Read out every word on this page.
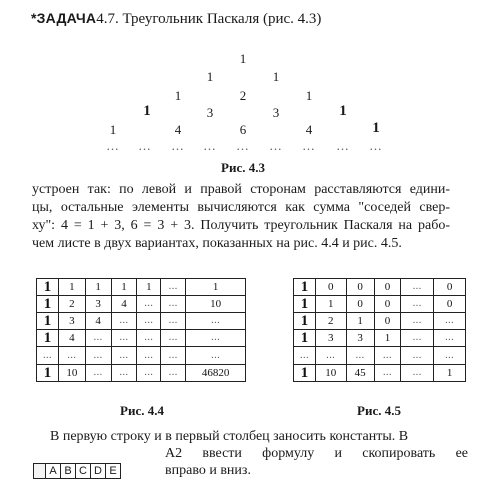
*ЗАДАЧА4.7. Треугольник Паскаля (рис. 4.3)
1
1	1
1	2	1
1	3	3	1
1	4	6	4	1
... ... ... ... ... ... ... ... ...
Рис. 4.3
устроен так: по левой и правой сторонам расставляются едини-
цы, остальные элементы вычисляются как сумма "соседей свер-
ху": 4 = 1 + 3, 6 = 3 + 3. Получить треугольник Паскаля на рабо-
чем листе в двух вариантах, показанных на рис. 4.4 и рис. 4.5.
1	1	1	1	1	...	1
1	2	3	4	...	...	10
1	3	4	...	...	...	...
1	4	...	...	...	...	...
...	...	...	...	...	...	...
1	10	...	...	...	...	46820
Рис. 4.4
1	0	0	0	...	0
1	1	0	0	...	0
1	2	1	0	...	...
1	3	3	1	...	...
...	...	...	...	...	...
1	10	45	...	...	1
Рис. 4.5
В первую строку и в первый столбец заносить константы. В
A2 ввести формулу и скопировать ее
вправо и вниз.
A B C D E
